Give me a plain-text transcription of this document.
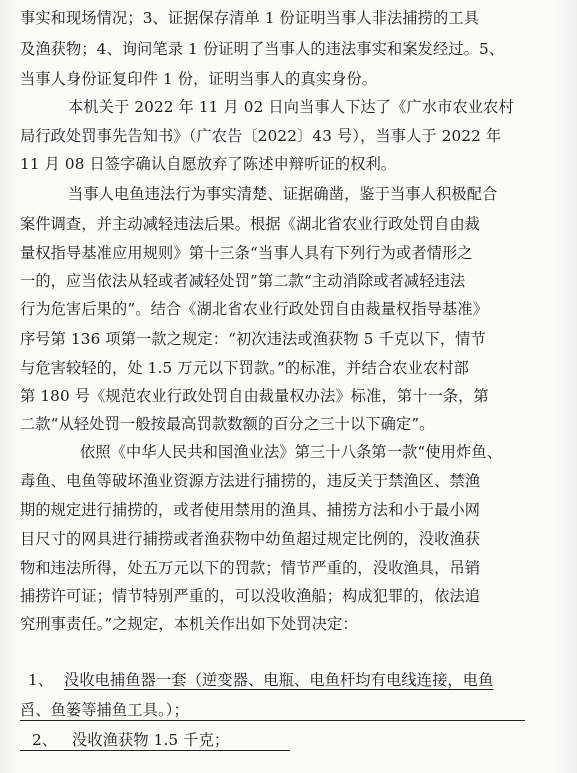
事实和现场情况；3、证据保存清单 1 份证明当事人非法捕捞的工具
及渔获物；4、询问笔录 1 份证明了当事人的违法事实和案发经过。5、
当事人身份证复印件 1 份，证明当事人的真实身份。
本机关于 2022 年 11 月 02 日向当事人下达了《广水市农业农村
局行政处罚事先告知书》（广农告〔2022〕43 号），当事人于 2022 年
11 月 08 日签字确认自愿放弃了陈述申辩听证的权利。
当事人电鱼违法行为事实清楚、证据确凿，鉴于当事人积极配合
案件调查，并主动减轻违法后果。根据《湖北省农业行政处罚自由裁
量权指导基准应用规则》第十三条“当事人具有下列行为或者情形之
一的，应当依法从轻或者减轻处罚”第二款“主动消除或者减轻违法
行为危害后果的”。结合《湖北省农业行政处罚自由裁量权指导基准》
序号第 136 项第一款之规定：“初次违法或渔获物 5 千克以下，情节
与危害较轻的，处 1.5 万元以下罚款。”的标准，并结合农业农村部
第 180 号《规范农业行政处罚自由裁量权办法》标准，第十一条，第
二款“从轻处罚一般按最高罚款数额的百分之三十以下确定”。
依照《中华人民共和国渔业法》第三十八条第一款“使用炸鱼、
毒鱼、电鱼等破坏渔业资源方法进行捕捞的，违反关于禁渔区、禁渔
期的规定进行捕捞的，或者使用禁用的渔具、捕捞方法和小于最小网
目尺寸的网具进行捕捞或者渔获物中幼鱼超过规定比例的，没收渔获
物和违法所得，处五万元以下的罚款；情节严重的，没收渔具，吊销
捕捞许可证；情节特别严重的，可以没收渔船；构成犯罪的，依法追
究刑事责任。”之规定，本机关作出如下处罚决定：
1、 没收电捕鱼器一套（逆变器、电瓶、电鱼杆均有电线连接，电鱼
舀、鱼篓等捕鱼工具。）；
2、 没收渔获物 1.5 千克；
